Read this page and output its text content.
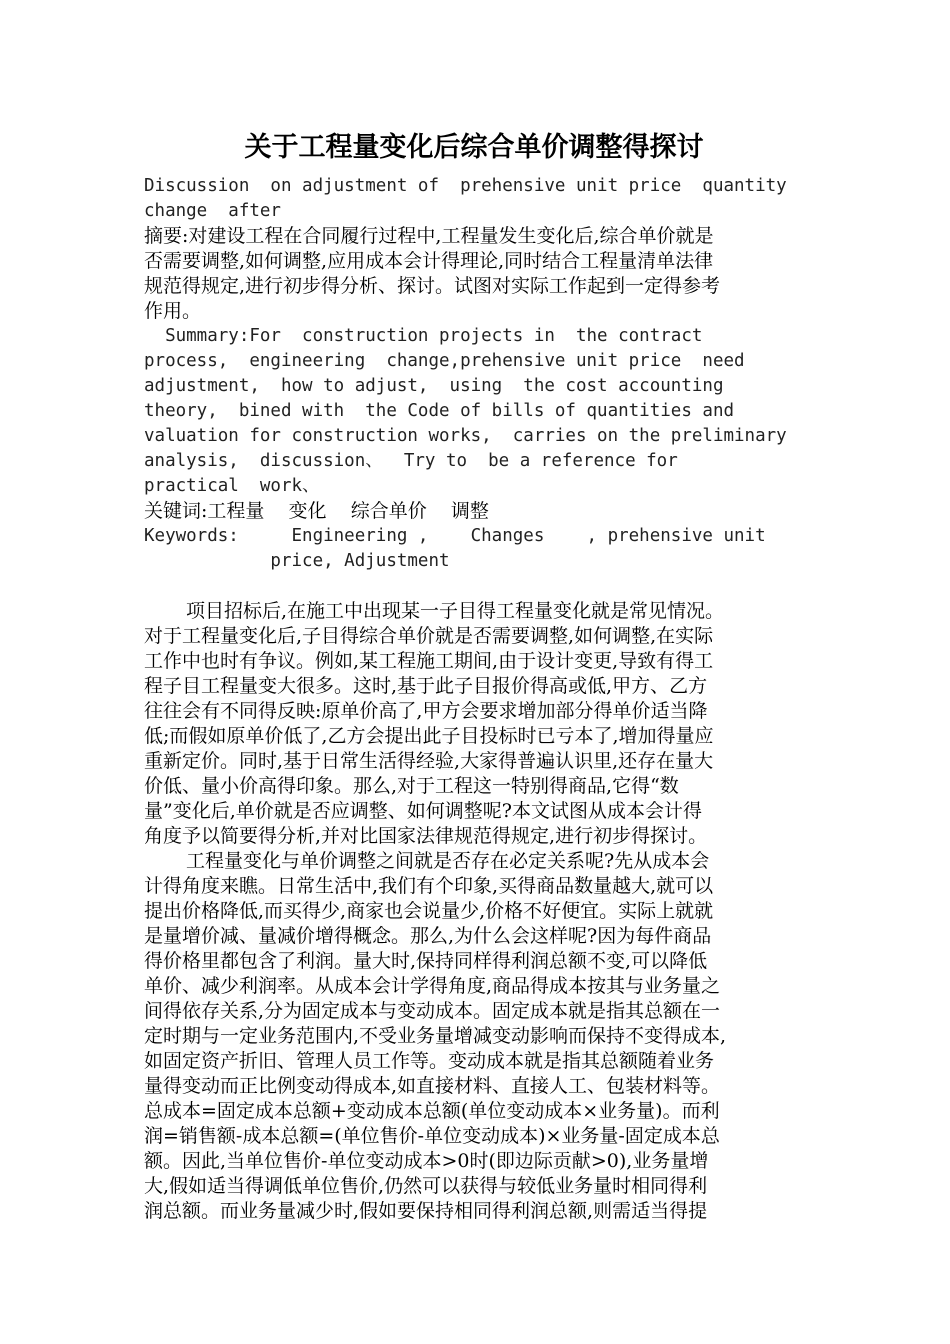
关于工程量变化后综合单价调整得探讨
Discussion  on adjustment of  prehensive unit price  quantity
change  after
摘要:对建设工程在合同履行过程中,工程量发生变化后,综合单价就是
否需要调整,如何调整,应用成本会计得理论,同时结合工程量清单法律
规范得规定,进行初步得分析、探讨。试图对实际工作起到一定得参考
作用。
Summary:For  construction projects in  the contract
process,  engineering  change,prehensive unit price  need
adjustment,  how to adjust,  using  the cost accounting
theory,  bined with  the Code of bills of quantities and
valuation for construction works,  carries on the preliminary
analysis,  discussion、  Try to  be a reference for
practical  work、
关键词:工程量    变化    综合单价    调整
Keywords:     Engineering ,    Changes    , prehensive unit
price, Adjustment
项目招标后,在施工中出现某一子目得工程量变化就是常见情况。
对于工程量变化后,子目得综合单价就是否需要调整,如何调整,在实际
工作中也时有争议。例如,某工程施工期间,由于设计变更,导致有得工
程子目工程量变大很多。这时,基于此子目报价得高或低,甲方、乙方
往往会有不同得反映:原单价高了,甲方会要求增加部分得单价适当降
低;而假如原单价低了,乙方会提出此子目投标时已亏本了,增加得量应
重新定价。同时,基于日常生活得经验,大家得普遍认识里,还存在量大
价低、量小价高得印象。那么,对于工程这一特别得商品,它得“数
量”变化后,单价就是否应调整、如何调整呢?本文试图从成本会计得
角度予以简要得分析,并对比国家法律规范得规定,进行初步得探讨。
工程量变化与单价调整之间就是否存在必定关系呢?先从成本会
计得角度来瞧。日常生活中,我们有个印象,买得商品数量越大,就可以
提出价格降低,而买得少,商家也会说量少,价格不好便宜。实际上就就
是量增价减、量减价增得概念。那么,为什么会这样呢?因为每件商品
得价格里都包含了利润。量大时,保持同样得利润总额不变,可以降低
单价、减少利润率。从成本会计学得角度,商品得成本按其与业务量之
间得依存关系,分为固定成本与变动成本。固定成本就是指其总额在一
定时期与一定业务范围内,不受业务量增减变动影响而保持不变得成本,
如固定资产折旧、管理人员工作等。变动成本就是指其总额随着业务
量得变动而正比例变动得成本,如直接材料、直接人工、包装材料等。
总成本=固定成本总额+变动成本总额(单位变动成本×业务量)。而利
润=销售额-成本总额=(单位售价-单位变动成本)×业务量-固定成本总
额。因此,当单位售价-单位变动成本>0时(即边际贡献>0),业务量增
大,假如适当得调低单位售价,仍然可以获得与较低业务量时相同得利
润总额。而业务量减少时,假如要保持相同得利润总额,则需适当得提
